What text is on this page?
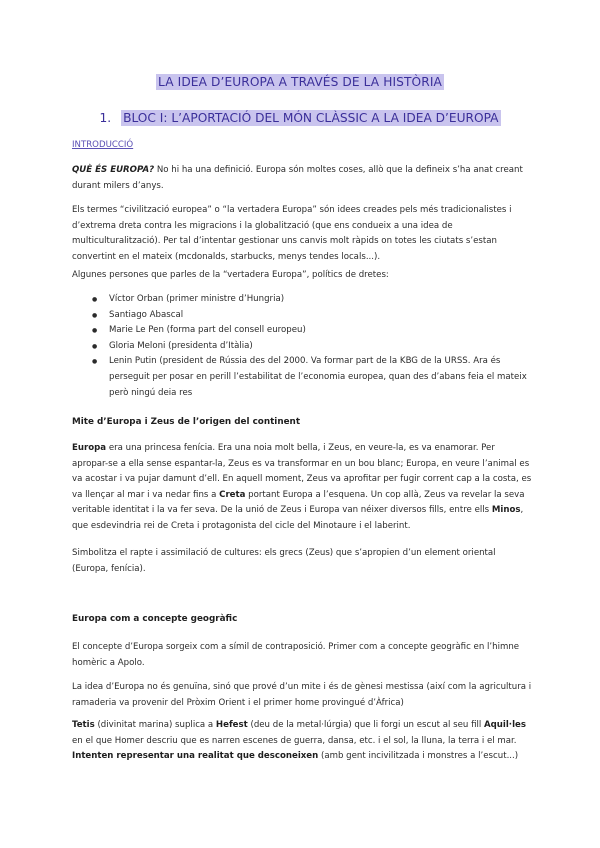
LA IDEA D’EUROPA A TRAVÉS DE LA HISTÒRIA
1. BLOC I: L’APORTACIÓ DEL MÓN CLÀSSIC A LA IDEA D’EUROPA
INTRODUCCIÓ
QUÈ ÉS EUROPA? No hi ha una definició. Europa són moltes coses, allò que la defineix s’ha anat creant durant milers d’anys.
Els termes “civilització europea” o “la vertadera Europa” són idees creades pels més tradicionalistes i d’extrema dreta contra les migracions i la globalització (que ens condueix a una idea de multiculturalització). Per tal d’intentar gestionar uns canvis molt ràpids on totes les ciutats s’estan convertint en el mateix (mcdonalds, starbucks, menys tendes locals...).
Algunes persones que parles de la “vertadera Europa”, polítics de dretes:
● Víctor Orban (primer ministre d’Hungria)
● Santiago Abascal
● Marie Le Pen (forma part del consell europeu)
● Gloria Meloni (presidenta d’Itàlia)
● Lenin Putin (president de Rússia des del 2000. Va formar part de la KBG de la URSS. Ara és perseguit per posar en perill l’estabilitat de l’economia europea, quan des d’abans feia el mateix però ningú deia res
Mite d’Europa i Zeus de l’origen del continent
Europa era una princesa fenícia. Era una noia molt bella, i Zeus, en veure-la, es va enamorar. Per apropar-se a ella sense espantar-la, Zeus es va transformar en un bou blanc; Europa, en veure l’animal es va acostar i va pujar damunt d’ell. En aquell moment, Zeus va aprofitar per fugir corrent cap a la costa, es va llençar al mar i va nedar fins a Creta portant Europa a l’esquena. Un cop allà, Zeus va revelar la seva veritable identitat i la va fer seva. De la unió de Zeus i Europa van néixer diversos fills, entre ells Minos, que esdevindria rei de Creta i protagonista del cicle del Minotaure i el laberint.
Simbolitza el rapte i assimilació de cultures: els grecs (Zeus) que s’apropien d’un element oriental (Europa, fenícia).
Europa com a concepte geogràfic
El concepte d’Europa sorgeix com a símil de contraposició. Primer com a concepte geogràfic en l’himne homèric a Apolo.
La idea d’Europa no és genuïna, sinó que prové d’un mite i és de gènesi mestissa (així com la agricultura i ramaderia va provenir del Pròxim Orient i el primer home provingué d’Àfrica)
Tetis (divinitat marina) suplica a Hefest (deu de la metal·lúrgia) que li forgi un escut al seu fill Aquil·les en el que Homer descriu que es narren escenes de guerra, dansa, etc. i el sol, la lluna, la terra i el mar. Intenten representar una realitat que desconeixen (amb gent incivilitzada i monstres a l’escut...)
